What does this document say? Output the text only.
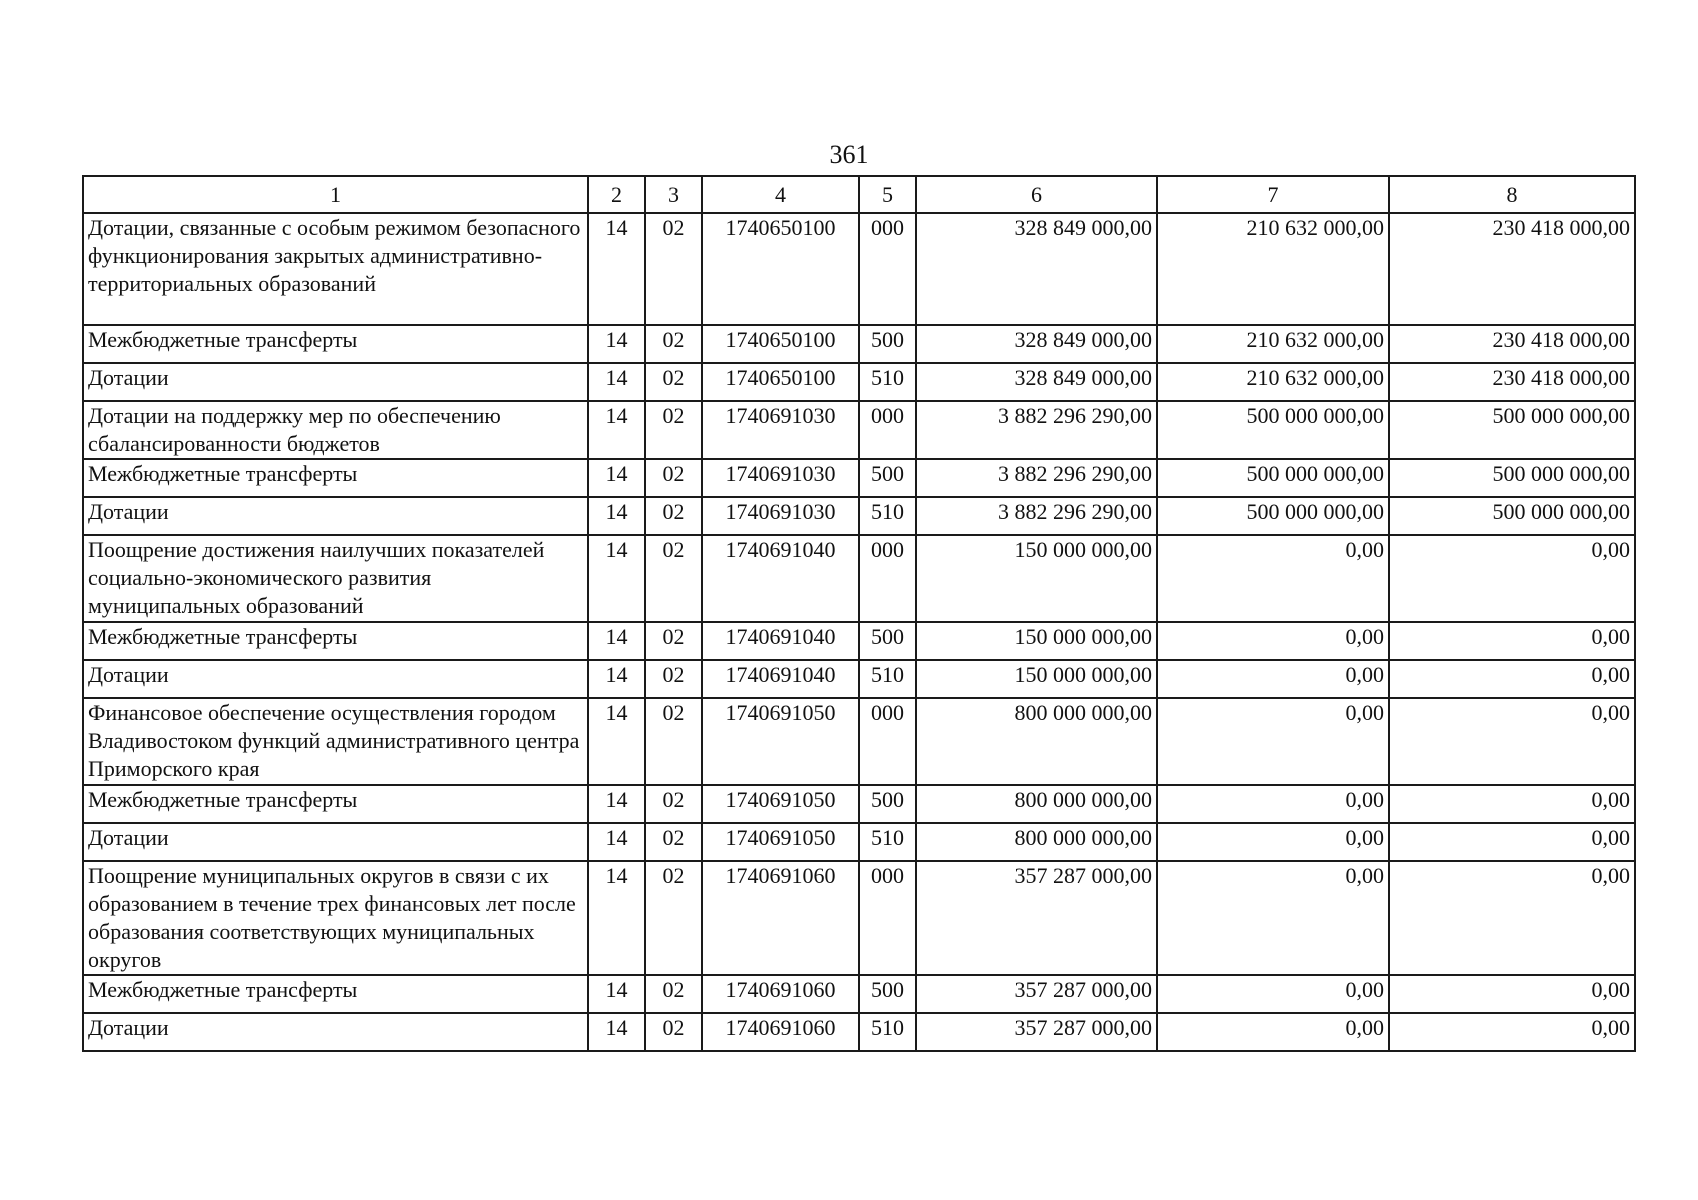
361
1	2	3	4	5	6	7	8
Дотации, связанные с особым режимом безопасного функционирования закрытых административно-территориальных образований	14	02	1740650100	000	328 849 000,00	210 632 000,00	230 418 000,00
Межбюджетные трансферты	14	02	1740650100	500	328 849 000,00	210 632 000,00	230 418 000,00
Дотации	14	02	1740650100	510	328 849 000,00	210 632 000,00	230 418 000,00
Дотации на поддержку мер по обеспечению сбалансированности бюджетов	14	02	1740691030	000	3 882 296 290,00	500 000 000,00	500 000 000,00
Межбюджетные трансферты	14	02	1740691030	500	3 882 296 290,00	500 000 000,00	500 000 000,00
Дотации	14	02	1740691030	510	3 882 296 290,00	500 000 000,00	500 000 000,00
Поощрение достижения наилучших показателей социально-экономического развития муниципальных образований	14	02	1740691040	000	150 000 000,00	0,00	0,00
Межбюджетные трансферты	14	02	1740691040	500	150 000 000,00	0,00	0,00
Дотации	14	02	1740691040	510	150 000 000,00	0,00	0,00
Финансовое обеспечение осуществления городом Владивостоком функций административного центра Приморского края	14	02	1740691050	000	800 000 000,00	0,00	0,00
Межбюджетные трансферты	14	02	1740691050	500	800 000 000,00	0,00	0,00
Дотации	14	02	1740691050	510	800 000 000,00	0,00	0,00
Поощрение муниципальных округов в связи с их образованием в течение трех финансовых лет после образования соответствующих муниципальных округов	14	02	1740691060	000	357 287 000,00	0,00	0,00
Межбюджетные трансферты	14	02	1740691060	500	357 287 000,00	0,00	0,00
Дотации	14	02	1740691060	510	357 287 000,00	0,00	0,00
